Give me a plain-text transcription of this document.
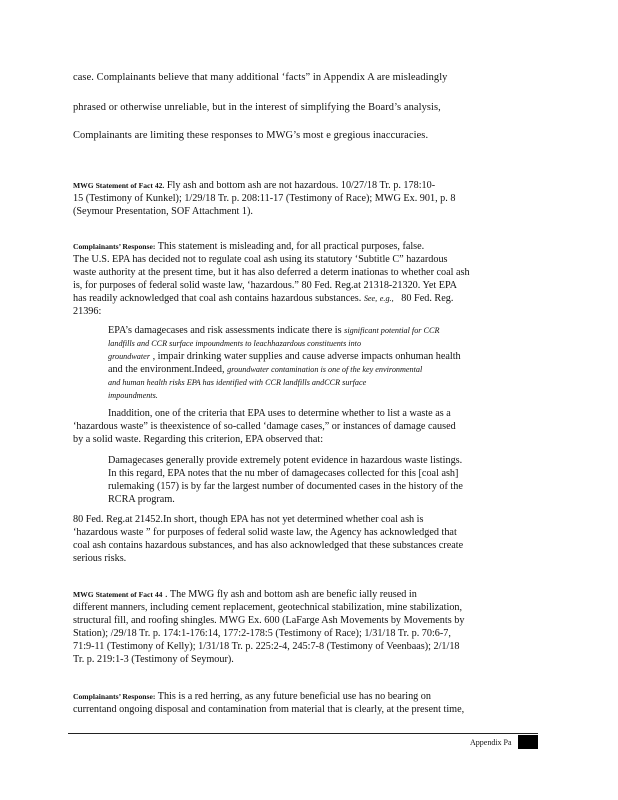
case. Complainants believe that many additional ‘facts” in Appendix A are misleadingly
phrased or otherwise unreliable, but in the interest of simplifying the Board’s analysis,
Complainants are limiting these responses to MWG’s most e gregious inaccuracies.
MWG Statement of Fact 42. Fly ash and bottom ash are not hazardous. 10/27/18 Tr. p. 178:10-
15 (Testimony of Kunkel); 1/29/18 Tr. p. 208:11-17 (Testimony of Race); MWG Ex. 901, p. 8
(Seymour Presentation, SOF Attachment 1).
Complainants’ Response: This statement is misleading and, for all practical purposes, false.
The U.S. EPA has decided not to regulate coal ash using its statutory ‘Subtitle C” hazardous
waste authority at the present time, but it has also deferred a determ inationas to whether coal ash
is, for purposes of federal solid waste law, ‘hazardous.” 80 Fed. Reg.at 21318-21320. Yet EPA
has readily acknowledged that coal ash contains hazardous substances. See, e.g., 80 Fed. Reg.
21396:
EPA’s damagecases and risk assessments indicate there is significant potential for CCR
landfills and CCR surface impoundments to leachhazardous constituents into
groundwater , impair drinking water supplies and cause adverse impacts onhuman health
and the environment.Indeed, groundwater contamination is one of the key environmental
and human health risks EPA has identified with CCR landfills andCCR surface
impoundments.
Inaddition, one of the criteria that EPA uses to determine whether to list a waste as a
‘hazardous waste” is theexistence of so-called ‘damage cases,” or instances of damage caused
by a solid waste. Regarding this criterion, EPA observed that:
Damagecases generally provide extremely potent evidence in hazardous waste listings.
In this regard, EPA notes that the nu mber of damagecases collected for this [coal ash]
rulemaking (157) is by far the largest number of documented cases in the history of the
RCRA program.
80 Fed. Reg.at 21452.In short, though EPA has not yet determined whether coal ash is
‘hazardous waste ” for purposes of federal solid waste law, the Agency has acknowledged that
coal ash contains hazardous substances, and has also acknowledged that these substances create
serious risks.
MWG Statement of Fact 44 . The MWG fly ash and bottom ash are benefic ially reused in
different manners, including cement replacement, geotechnical stabilization, mine stabilization,
structural fill, and roofing shingles. MWG Ex. 600 (LaFarge Ash Movements by Movements by
Station); /29/18 Tr. p. 174:1-176:14, 177:2-178:5 (Testimony of Race); 1/31/18 Tr. p. 70:6-7,
71:9-11 (Testimony of Kelly); 1/31/18 Tr. p. 225:2-4, 245:7-8 (Testimony of Veenbaas); 2/1/18
Tr. p. 219:1-3 (Testimony of Seymour).
Complainants’ Response: This is a red herring, as any future beneficial use has no bearing on
currentand ongoing disposal and contamination from material that is clearly, at the present time,
Appendix Pa
